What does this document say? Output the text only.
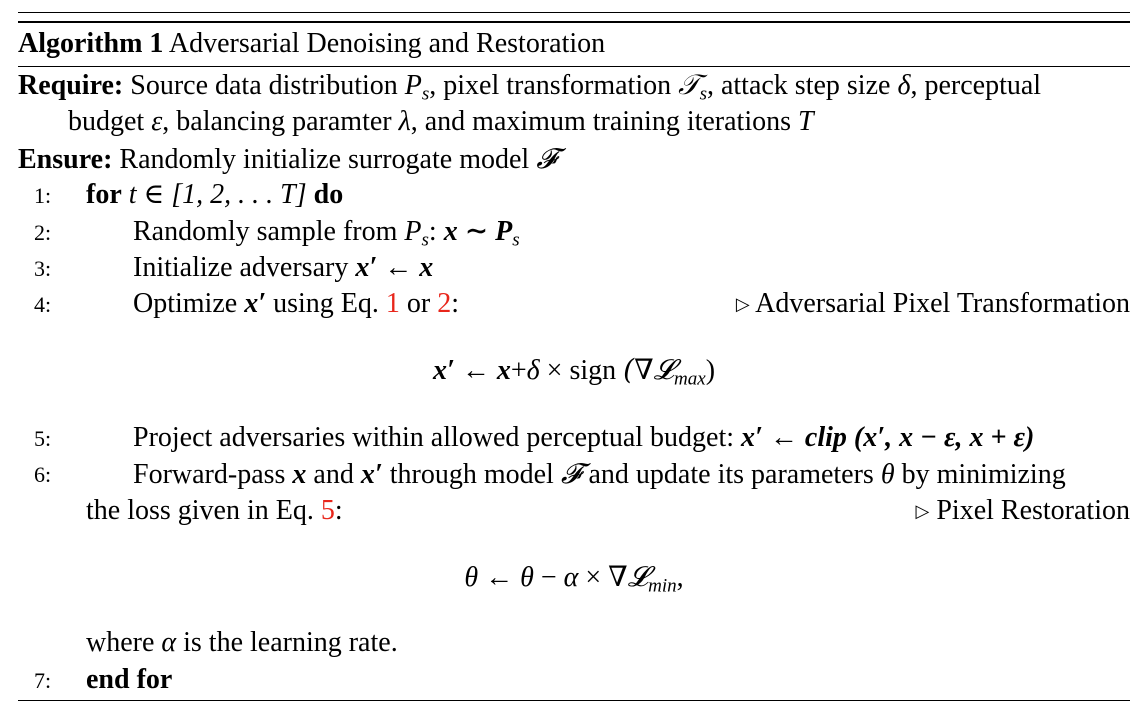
Algorithm 1 Adversarial Denoising and Restoration
Require: Source data distribution $P_s$, pixel transformation 𝒯$_s$, attack step size δ, perceptual
budget ε, balancing paramter λ, and maximum training iterations T
Ensure: Randomly initialize surrogate model 𝓕
1: for t ∈ [1, 2, . . . T] do
2:	Randomly sample from $P_s$: x ∼ $P_s$
3:	Initialize adversary x′ ← x
4:	Optimize x′ using Eq. 1 or 2:	▷ Adversarial Pixel Transformation
x′ ← x+δ × sign (∇𝓛$_{max}$)
5:	Project adversaries within allowed perceptual budget: x′ ← clip (x′, x − ε, x + ε)
6:	Forward-pass x and x′ through model 𝓕 and update its parameters θ by minimizing
the loss given in Eq. 5:	▷ Pixel Restoration
θ ← θ − α × ∇𝓛$_{min}$,
where α is the learning rate.
7: end for
